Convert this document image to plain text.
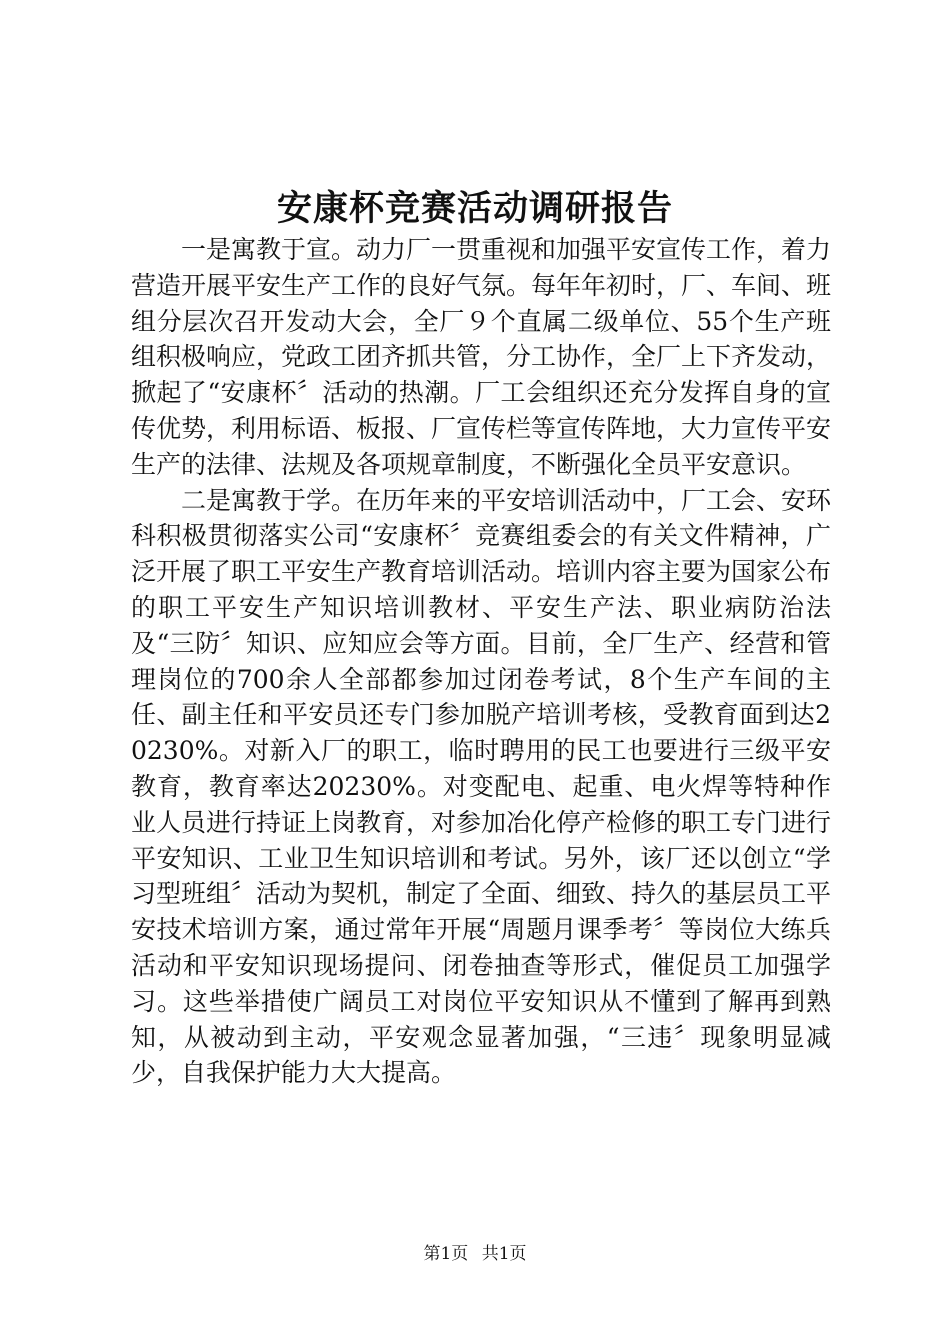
安康杯竞赛活动调研报告

一是寓教于宣。动力厂一贯重视和加强平安宣传工作，着力营造开展平安生产工作的良好气氛。每年年初时，厂、车间、班组分层次召开发动大会，全厂９个直属二级单位、55个生产班组积极响应，党政工团齐抓共管，分工协作，全厂上下齐发动，掀起了“安康杯〞活动的热潮。厂工会组织还充分发挥自身的宣传优势，利用标语、板报、厂宣传栏等宣传阵地，大力宣传平安生产的法律、法规及各项规章制度，不断强化全员平安意识。

二是寓教于学。在历年来的平安培训活动中，厂工会、安环科积极贯彻落实公司“安康杯〞竞赛组委会的有关文件精神，广泛开展了职工平安生产教育培训活动。培训内容主要为国家公布的职工平安生产知识培训教材、平安生产法、职业病防治法及“三防〞知识、应知应会等方面。目前，全厂生产、经营和管理岗位的700余人全部都参加过闭卷考试，8个生产车间的主任、副主任和平安员还专门参加脱产培训考核，受教育面到达20230%。对新入厂的职工，临时聘用的民工也要进行三级平安教育，教育率达20230%。对变配电、起重、电火焊等特种作业人员进行持证上岗教育，对参加冶化停产检修的职工专门进行平安知识、工业卫生知识培训和考试。另外，该厂还以创立“学习型班组〞活动为契机，制定了全面、细致、持久的基层员工平安技术培训方案，通过常年开展“周题月课季考〞等岗位大练兵活动和平安知识现场提问、闭卷抽查等形式，催促员工加强学习。这些举措使广阔员工对岗位平安知识从不懂到了解再到熟知，从被动到主动，平安观念显著加强，“三违〞现象明显减少，自我保护能力大大提高。

第1页 共1页
